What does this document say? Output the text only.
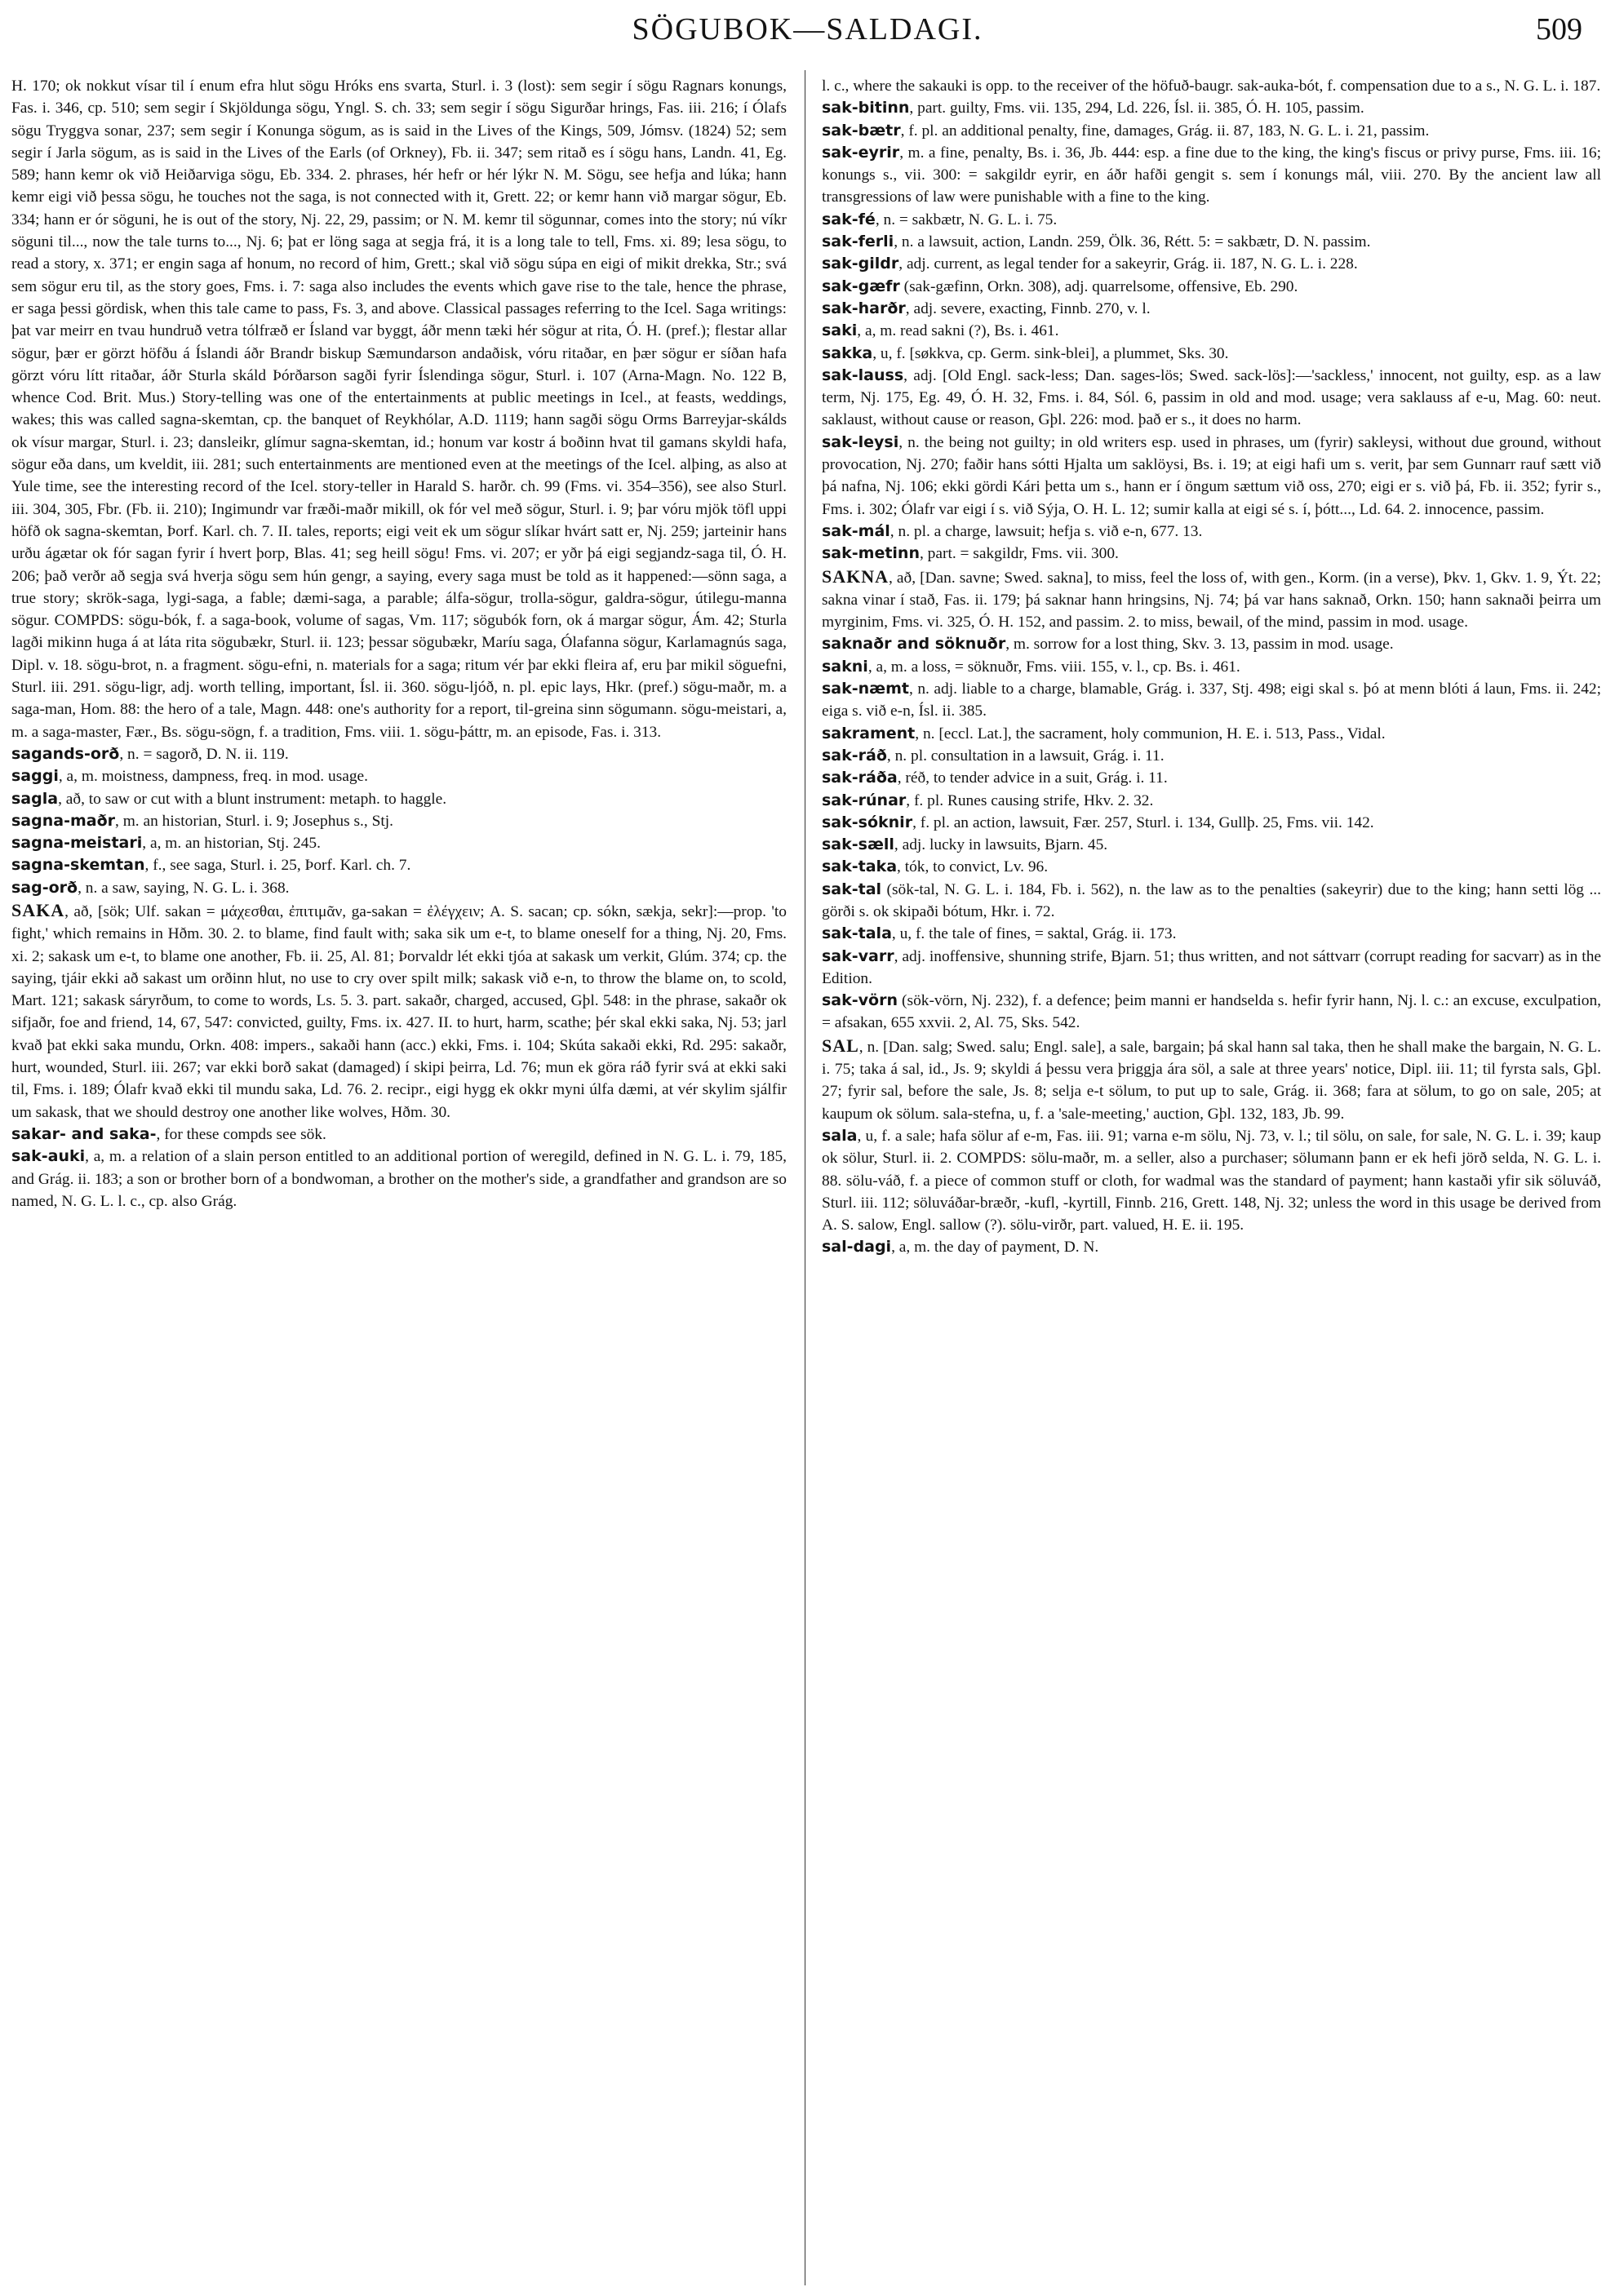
SÖGUBOK—SALDAGI.	509

H. 170; ok nokkut vísar til í enum efra hlut sögu Hróks ens svarta, Sturl. i. 3 (lost): sem segir í sögu Ragnars konungs, Fas. i. 346, cp. 510; sem segir í Skjöldunga sögu, Yngl. S. ch. 33; sem segir í sögu Sigurðar hrings, Fas. iii. 216; í Ólafs sögu Tryggva sonar, 237; sem segir í Konunga sögum, as is said in the Lives of the Kings, 509, Jómsv. (1824) 52; sem segir í Jarla sögum, as is said in the Lives of the Earls (of Orkney), Fb. ii. 347; sem ritað es í sögu hans, Landn. 41, Eg. 589; hann kemr ok við Heiðarviga sögu, Eb. 334. 2. phrases, hér hefr or hér lýkr N. M. Sögu, see hefja and lúka; hann kemr eigi við þessa sögu, he touches not the saga, is not connected with it, Grett. 22; or kemr hann við margar sögur, Eb. 334; hann er ór söguni, he is out of the story, Nj. 22, 29, passim; or N. M. kemr til sögunnar, comes into the story; nú víkr söguni til..., now the tale turns to..., Nj. 6; þat er löng saga at segja frá, it is a long tale to tell, Fms. xi. 89; lesa sögu, to read a story, x. 371; er engin saga af honum, no record of him, Grett.; skal við sögu súpa en eigi of mikit drekka, Str.; svá sem sögur eru til, as the story goes, Fms. i. 7: saga also includes the events which gave rise to the tale, hence the phrase, er saga þessi gördisk, when this tale came to pass, Fs. 3, and above. Classical passages referring to the Icel. Saga writings: þat var meirr en tvau hundruð vetra tólfræð er Ísland var byggt, áðr menn tæki hér sögur at rita, Ó. H. (pref.); flestar allar sögur, þær er görzt höfðu á Íslandi áðr Brandr biskup Sæmundarson andaðisk, vóru ritaðar, en þær sögur er síðan hafa görzt vóru lítt ritaðar, áðr Sturla skáld Þórðarson sagði fyrir Íslendinga sögur, Sturl. i. 107 (Arna-Magn. No. 122 B, whence Cod. Brit. Mus.) Story-telling was one of the entertainments at public meetings in Icel., at feasts, weddings, wakes; this was called sagna-skemtan, cp. the banquet of Reykhólar, A.D. 1119; hann sagði sögu Orms Barreyjar-skálds ok vísur margar, Sturl. i. 23; dansleikr, glímur sagna-skemtan, id.; honum var kostr á boðinn hvat til gamans skyldi hafa, sögur eða dans, um kveldit, iii. 281; such entertainments are mentioned even at the meetings of the Icel. alþing, as also at Yule time, see the interesting record of the Icel. story-teller in Harald S. harðr. ch. 99 (Fms. vi. 354–356), see also Sturl. iii. 304, 305, Fbr. (Fb. ii. 210); Ingimundr var fræði-maðr mikill, ok fór vel með sögur, Sturl. i. 9; þar vóru mjök töfl uppi höfð ok sagna-skemtan, Þorf. Karl. ch. 7. II. tales, reports; eigi veit ek um sögur slíkar hvárt satt er, Nj. 259; jarteinir hans urðu ágætar ok fór sagan fyrir í hvert þorp, Blas. 41; seg heill sögu! Fms. vi. 207; er yðr þá eigi segjandz-saga til, Ó. H. 206; það verðr að segja svá hverja sögu sem hún gengr, a saying, every saga must be told as it happened:—sönn saga, a true story; skrök-saga, lygi-saga, a fable; dæmi-saga, a parable; álfa-sögur, trolla-sögur, galdra-sögur, útilegu-manna sögur. COMPDS: sögu-bók, f. a saga-book, volume of sagas, Vm. 117; sögubók forn, ok á margar sögur, Ám. 42; Sturla lagði mikinn huga á at láta rita sögubækr, Sturl. ii. 123; þessar sögubækr, Maríu saga, Ólafanna sögur, Karlamagnús saga, Dipl. v. 18. sögu-brot, n. a fragment. sögu-efni, n. materials for a saga; ritum vér þar ekki fleira af, eru þar mikil söguefni, Sturl. iii. 291. sögu-ligr, adj. worth telling, important, Ísl. ii. 360. sögu-ljóð, n. pl. epic lays, Hkr. (pref.) sögu-maðr, m. a saga-man, Hom. 88: the hero of a tale, Magn. 448: one's authority for a report, til-greina sinn sögumann. sögu-meistari, a, m. a saga-master, Fær., Bs. sögu-sögn, f. a tradition, Fms. viii. 1. sögu-þáttr, m. an episode, Fas. i. 313.

sagands-orð, n. = sagorð, D. N. ii. 119.

saggi, a, m. moistness, dampness, freq. in mod. usage.

sagla, að, to saw or cut with a blunt instrument: metaph. to haggle.

sagna-maðr, m. an historian, Sturl. i. 9; Josephus s., Stj.

sagna-meistari, a, m. an historian, Stj. 245.

sagna-skemtan, f., see saga, Sturl. i. 25, Þorf. Karl. ch. 7.

sag-orð, n. a saw, saying, N. G. L. i. 368.

SAKA, að, [sök; Ulf. sakan = μάχεσθαι, ἐπιτιμᾶν, ga-sakan = ἐλέγχειν; A. S. sacan; cp. sókn, sækja, sekr]:—prop. 'to fight,' which remains in Hðm. 30. 2. to blame, find fault with; saka sik um e-t, to blame oneself for a thing, Nj. 20, Fms. xi. 2; sakask um e-t, to blame one another, Fb. ii. 25, Al. 81; Þorvaldr lét ekki tjóa at sakask um verkit, Glúm. 374; cp. the saying, tjáir ekki að sakast um orðinn hlut, no use to cry over spilt milk; sakask við e-n, to throw the blame on, to scold, Mart. 121; sakask sáryrðum, to come to words, Ls. 5. 3. part. sakaðr, charged, accused, Gþl. 548: in the phrase, sakaðr ok sifjaðr, foe and friend, 14, 67, 547: convicted, guilty, Fms. ix. 427. II. to hurt, harm, scathe; þér skal ekki saka, Nj. 53; jarl kvað þat ekki saka mundu, Orkn. 408: impers., sakaði hann (acc.) ekki, Fms. i. 104; Skúta sakaði ekki, Rd. 295: sakaðr, hurt, wounded, Sturl. iii. 267; var ekki borð sakat (damaged) í skipi þeirra, Ld. 76; mun ek göra ráð fyrir svá at ekki saki til, Fms. i. 189; Ólafr kvað ekki til mundu saka, Ld. 76. 2. recipr., eigi hygg ek okkr myni úlfa dæmi, at vér skylim sjálfir um sakask, that we should destroy one another like wolves, Hðm. 30.

sakar- and saka-, for these compds see sök.

sak-auki, a, m. a relation of a slain person entitled to an additional portion of weregild, defined in N. G. L. i. 79, 185, and Grág. ii. 183; a son or brother born of a bondwoman, a brother on the mother's side, a grandfather and grandson are so named, N. G. L. l. c., cp. also Grág.

l. c., where the sakauki is opp. to the receiver of the höfuð-baugr. sak-auka-bót, f. compensation due to a s., N. G. L. i. 187.

sak-bitinn, part. guilty, Fms. vii. 135, 294, Ld. 226, Ísl. ii. 385, Ó. H. 105, passim.

sak-bætr, f. pl. an additional penalty, fine, damages, Grág. ii. 87, 183, N. G. L. i. 21, passim.

sak-eyrir, m. a fine, penalty, Bs. i. 36, Jb. 444: esp. a fine due to the king, the king's fiscus or privy purse, Fms. iii. 16; konungs s., vii. 300: = sakgildr eyrir, en áðr hafði gengit s. sem í konungs mál, viii. 270. By the ancient law all transgressions of law were punishable with a fine to the king.

sak-fé, n. = sakbætr, N. G. L. i. 75.

sak-ferli, n. a lawsuit, action, Landn. 259, Ölk. 36, Rétt. 5: = sakbætr, D. N. passim.

sak-gildr, adj. current, as legal tender for a sakeyrir, Grág. ii. 187, N. G. L. i. 228.

sak-gæfr (sak-gæfinn, Orkn. 308), adj. quarrelsome, offensive, Eb. 290.

sak-harðr, adj. severe, exacting, Finnb. 270, v. l.

saki, a, m. read sakni (?), Bs. i. 461.

sakka, u, f. [søkkva, cp. Germ. sink-blei], a plummet, Sks. 30.

sak-lauss, adj. [Old Engl. sack-less; Dan. sages-lös; Swed. sack-lös]:—'sackless,' innocent, not guilty, esp. as a law term, Nj. 175, Eg. 49, Ó. H. 32, Fms. i. 84, Sól. 6, passim in old and mod. usage; vera saklauss af e-u, Mag. 60: neut. saklaust, without cause or reason, Gþl. 226: mod. það er s., it does no harm.

sak-leysi, n. the being not guilty; in old writers esp. used in phrases, um (fyrir) sakleysi, without due ground, without provocation, Nj. 270; faðir hans sótti Hjalta um saklöysi, Bs. i. 19; at eigi hafi um s. verit, þar sem Gunnarr rauf sætt við þá nafna, Nj. 106; ekki gördi Kári þetta um s., hann er í öngum sættum við oss, 270; eigi er s. við þá, Fb. ii. 352; fyrir s., Fms. i. 302; Ólafr var eigi í s. við Sýja, O. H. L. 12; sumir kalla at eigi sé s. í, þótt..., Ld. 64. 2. innocence, passim.

sak-mál, n. pl. a charge, lawsuit; hefja s. við e-n, 677. 13.

sak-metinn, part. = sakgildr, Fms. vii. 300.

SAKNA, að, [Dan. savne; Swed. sakna], to miss, feel the loss of, with gen., Korm. (in a verse), Þkv. 1, Gkv. 1. 9, Ýt. 22; sakna vinar í stað, Fas. ii. 179; þá saknar hann hringsins, Nj. 74; þá var hans saknað, Orkn. 150; hann saknaði þeirra um myrginim, Fms. vi. 325, Ó. H. 152, and passim. 2. to miss, bewail, of the mind, passim in mod. usage.

saknaðr and söknuðr, m. sorrow for a lost thing, Skv. 3. 13, passim in mod. usage.

sakni, a, m. a loss, = söknuðr, Fms. viii. 155, v. l., cp. Bs. i. 461.

sak-næmt, n. adj. liable to a charge, blamable, Grág. i. 337, Stj. 498; eigi skal s. þó at menn blóti á laun, Fms. ii. 242; eiga s. við e-n, Ísl. ii. 385.

sakrament, n. [eccl. Lat.], the sacrament, holy communion, H. E. i. 513, Pass., Vidal.

sak-ráð, n. pl. consultation in a lawsuit, Grág. i. 11.

sak-ráða, réð, to tender advice in a suit, Grág. i. 11.

sak-rúnar, f. pl. Runes causing strife, Hkv. 2. 32.

sak-sóknir, f. pl. an action, lawsuit, Fær. 257, Sturl. i. 134, Gullþ. 25, Fms. vii. 142.

sak-sæll, adj. lucky in lawsuits, Bjarn. 45.

sak-taka, tók, to convict, Lv. 96.

sak-tal (sök-tal, N. G. L. i. 184, Fb. i. 562), n. the law as to the penalties (sakeyrir) due to the king; hann setti lög ... görði s. ok skipaði bótum, Hkr. i. 72.

sak-tala, u, f. the tale of fines, = saktal, Grág. ii. 173.

sak-varr, adj. inoffensive, shunning strife, Bjarn. 51; thus written, and not sáttvarr (corrupt reading for sacvarr) as in the Edition.

sak-vörn (sök-vörn, Nj. 232), f. a defence; þeim manni er handselda s. hefir fyrir hann, Nj. l. c.: an excuse, exculpation, = afsakan, 655 xxvii. 2, Al. 75, Sks. 542.

SAL, n. [Dan. salg; Swed. salu; Engl. sale], a sale, bargain; þá skal hann sal taka, then he shall make the bargain, N. G. L. i. 75; taka á sal, id., Js. 9; skyldi á þessu vera þriggja ára söl, a sale at three years' notice, Dipl. iii. 11; til fyrsta sals, Gþl. 27; fyrir sal, before the sale, Js. 8; selja e-t sölum, to put up to sale, Grág. ii. 368; fara at sölum, to go on sale, 205; at kaupum ok sölum. sala-stefna, u, f. a 'sale-meeting,' auction, Gþl. 132, 183, Jb. 99.

sala, u, f. a sale; hafa sölur af e-m, Fas. iii. 91; varna e-m sölu, Nj. 73, v. l.; til sölu, on sale, for sale, N. G. L. i. 39; kaup ok sölur, Sturl. ii. 2. COMPDS: sölu-maðr, m. a seller, also a purchaser; sölumann þann er ek hefi jörð selda, N. G. L. i. 88. sölu-váð, f. a piece of common stuff or cloth, for wadmal was the standard of payment; hann kastaði yfir sik söluváð, Sturl. iii. 112; söluváðar-bræðr, -kufl, -kyrtill, Finnb. 216, Grett. 148, Nj. 32; unless the word in this usage be derived from A. S. salow, Engl. sallow (?). sölu-virðr, part. valued, H. E. ii. 195.

sal-dagi, a, m. the day of payment, D. N.
